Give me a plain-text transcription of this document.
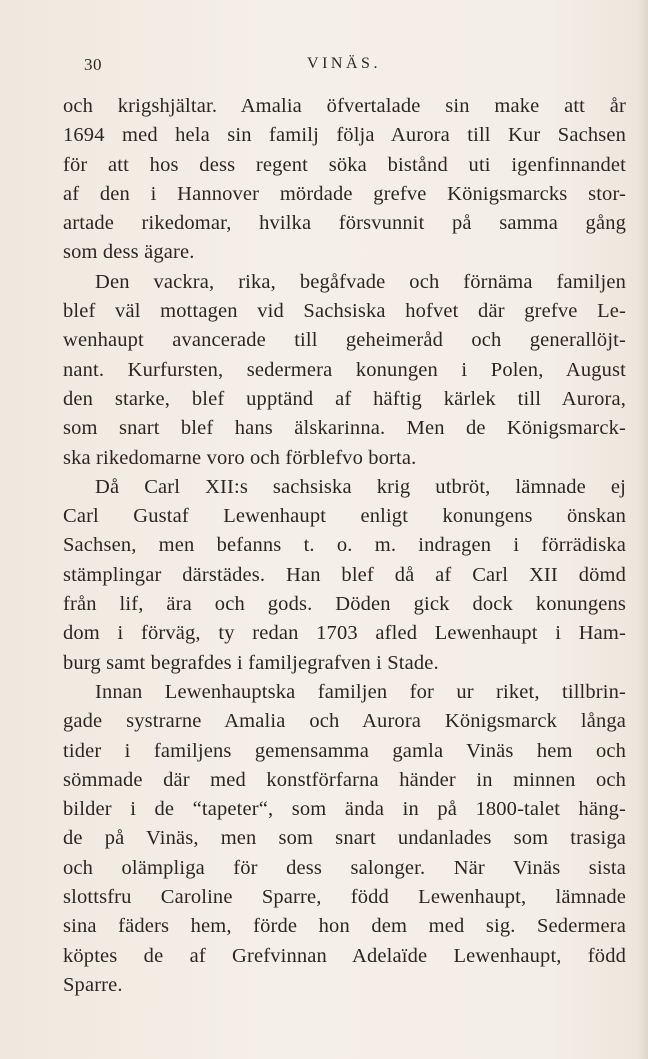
30	VINÄS.
och krigshjältar. Amalia öfvertalade sin make att år
1694 med hela sin familj följa Aurora till Kur Sachsen
för att hos dess regent söka bistånd uti igenfinnandet
af den i Hannover mördade grefve Königsmarcks stor-
artade rikedomar, hvilka försvunnit på samma gång
som dess ägare.
Den vackra, rika, begåfvade och förnäma familjen
blef väl mottagen vid Sachsiska hofvet där grefve Le-
wenhaupt avancerade till geheimeråd och generallöjt-
nant. Kurfursten, sedermera konungen i Polen, August
den starke, blef upptänd af häftig kärlek till Aurora,
som snart blef hans älskarinna. Men de Königsmarck-
ska rikedomarne voro och förblefvo borta.
Då Carl XII:s sachsiska krig utbröt, lämnade ej
Carl Gustaf Lewenhaupt enligt konungens önskan
Sachsen, men befanns t. o. m. indragen i förrädiska
stämplingar därstädes. Han blef då af Carl XII dömd
från lif, ära och gods. Döden gick dock konungens
dom i förväg, ty redan 1703 afled Lewenhaupt i Ham-
burg samt begrafdes i familjegrafven i Stade.
Innan Lewenhauptska familjen for ur riket, tillbrin-
gade systrarne Amalia och Aurora Königsmarck långa
tider i familjens gemensamma gamla Vinäs hem och
sömmade där med konstförfarna händer in minnen och
bilder i de “tapeter“, som ända in på 1800-talet häng-
de på Vinäs, men som snart undanlades som trasiga
och olämpliga för dess salonger. När Vinäs sista
slottsfru Caroline Sparre, född Lewenhaupt, lämnade
sina fäders hem, förde hon dem med sig. Sedermera
köptes de af Grefvinnan Adelaïde Lewenhaupt, född
Sparre.
